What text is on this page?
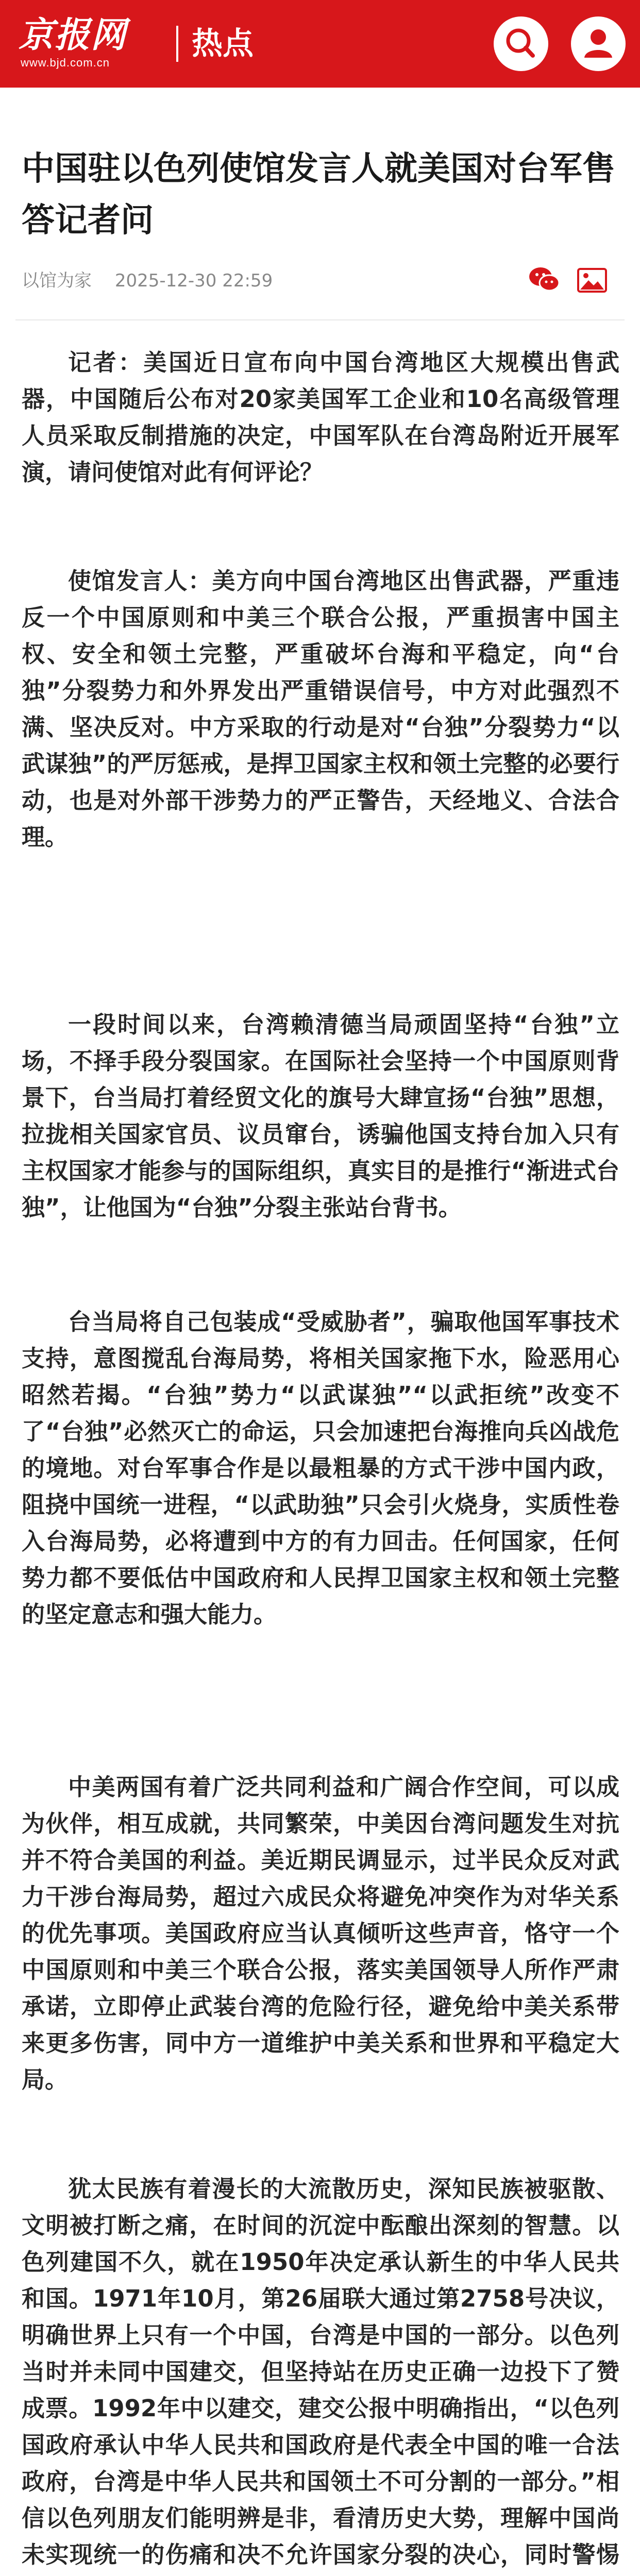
京报网
www.bjd.com.cn
热点
中国驻以色列使馆发言人就美国对台军售答记者问
以馆为家 2025-12-30 22:59

记者：美国近日宣布向中国台湾地区大规模出售武器，中国随后公布对20家美国军工企业和10名高级管理人员采取反制措施的决定，中国军队在台湾岛附近开展军演，请问使馆对此有何评论？

使馆发言人：美方向中国台湾地区出售武器，严重违反一个中国原则和中美三个联合公报，严重损害中国主权、安全和领土完整，严重破坏台海和平稳定，向“台独”分裂势力和外界发出严重错误信号，中方对此强烈不满、坚决反对。中方采取的行动是对“台独”分裂势力“以武谋独”的严厉惩戒，是捍卫国家主权和领土完整的必要行动，也是对外部干涉势力的严正警告，天经地义、合法合理。

一段时间以来，台湾赖清德当局顽固坚持“台独”立场，不择手段分裂国家。在国际社会坚持一个中国原则背景下，台当局打着经贸文化的旗号大肆宣扬“台独”思想，拉拢相关国家官员、议员窜台，诱骗他国支持台加入只有主权国家才能参与的国际组织，真实目的是推行“渐进式台独”，让他国为“台独”分裂主张站台背书。

台当局将自己包装成“受威胁者”，骗取他国军事技术支持，意图搅乱台海局势，将相关国家拖下水，险恶用心昭然若揭。“台独”势力“以武谋独”“以武拒统”改变不了“台独”必然灭亡的命运，只会加速把台海推向兵凶战危的境地。对台军事合作是以最粗暴的方式干涉中国内政，阻挠中国统一进程，“以武助独”只会引火烧身，实质性卷入台海局势，必将遭到中方的有力回击。任何国家，任何势力都不要低估中国政府和人民捍卫国家主权和领土完整的坚定意志和强大能力。

中美两国有着广泛共同利益和广阔合作空间，可以成为伙伴，相互成就，共同繁荣，中美因台湾问题发生对抗并不符合美国的利益。美近期民调显示，过半民众反对武力干涉台海局势，超过六成民众将避免冲突作为对华关系的优先事项。美国政府应当认真倾听这些声音，恪守一个中国原则和中美三个联合公报，落实美国领导人所作严肃承诺，立即停止武装台湾的危险行径，避免给中美关系带来更多伤害，同中方一道维护中美关系和世界和平稳定大局。

犹太民族有着漫长的大流散历史，深知民族被驱散、文明被打断之痛，在时间的沉淀中酝酿出深刻的智慧。以色列建国不久，就在1950年决定承认新生的中华人民共和国。1971年10月，第26届联大通过第2758号决议，明确世界上只有一个中国，台湾是中国的一部分。以色列当时并未同中国建交，但坚持站在历史正确一边投下了赞成票。1992年中以建交，建交公报中明确指出，“以色列国政府承认中华人民共和国政府是代表全中国的唯一合法政府，台湾是中华人民共和国领土不可分割的一部分。”相信以色列朋友们能明辨是非，看清历史大势，理解中国尚未实现统一的伤痛和决不允许国家分裂的决心，同时警惕
